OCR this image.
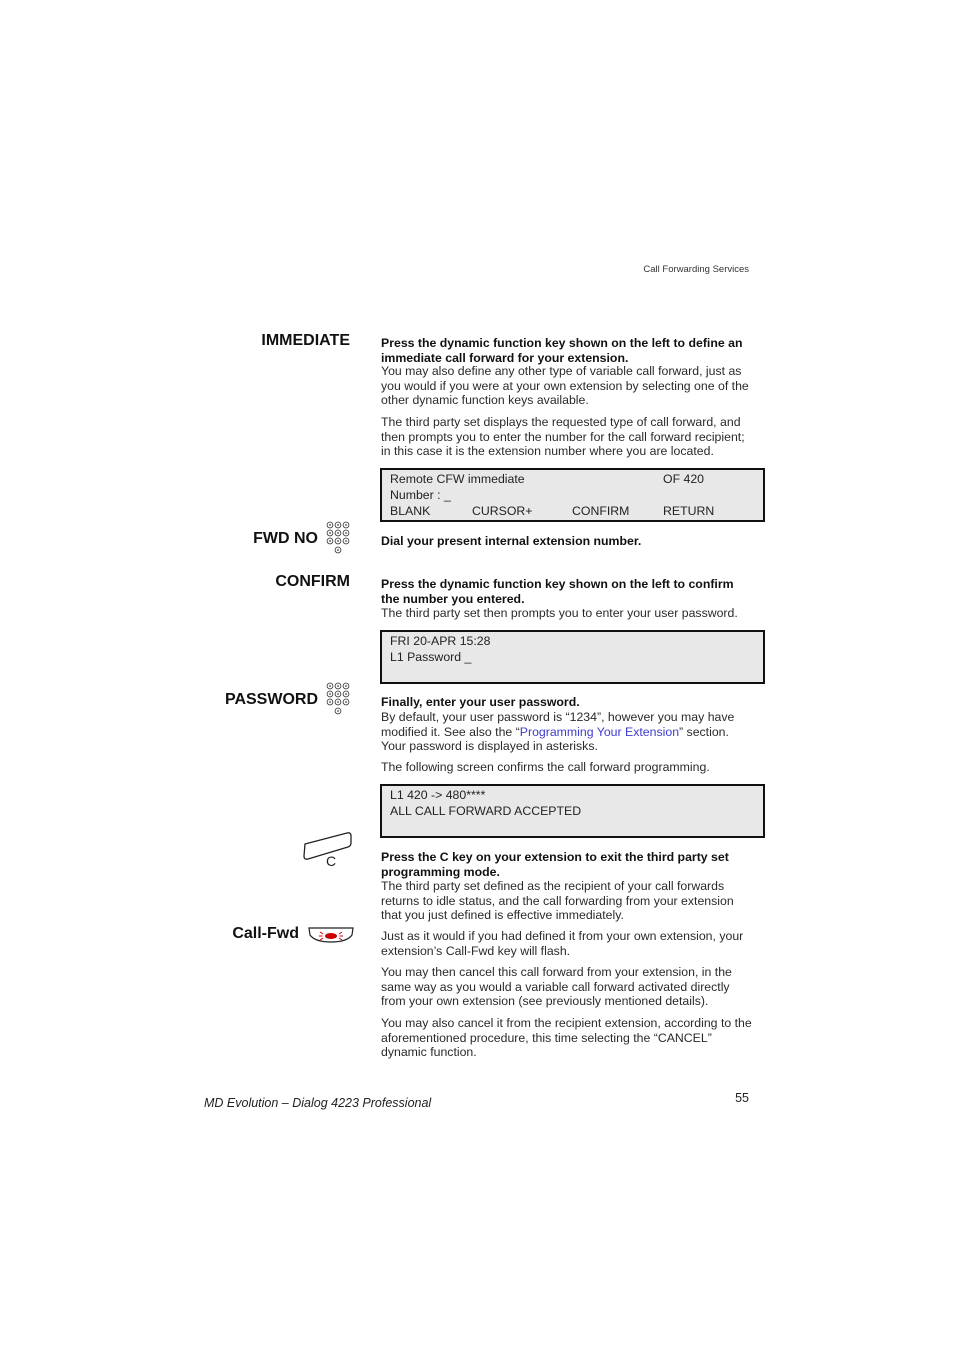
Call Forwarding Services
IMMEDIATE	Press the dynamic function key shown on the left to define an immediate call forward for your extension.
You may also define any other type of variable call forward, just as you would if you were at your own extension by selecting one of the other dynamic function keys available.
The third party set displays the requested type of call forward, and then prompts you to enter the number for the call forward recipient; in this case it is the extension number where you are located.
Remote CFW immediate	OF 420
Number : _
BLANK	CURSOR+	CONFIRM	RETURN
FWD NO	Dial your present internal extension number.
CONFIRM	Press the dynamic function key shown on the left to confirm the number you entered.
The third party set then prompts you to enter your user password.
FRI 20-APR 15:28
L1 Password _
PASSWORD	Finally, enter your user password.
By default, your user password is “1234”, however you may have modified it. See also the “Programming Your Extension” section. Your password is displayed in asterisks.
The following screen confirms the call forward programming.
L1 420 -> 480****
ALL CALL FORWARD ACCEPTED
C	Press the C key on your extension to exit the third party set programming mode.
The third party set defined as the recipient of your call forwards returns to idle status, and the call forwarding from your extension that you just defined is effective immediately.
Call-Fwd	Just as it would if you had defined it from your own extension, your extension’s Call-Fwd key will flash.
You may then cancel this call forward from your extension, in the same way as you would a variable call forward activated directly from your own extension (see previously mentioned details).
You may also cancel it from the recipient extension, according to the aforementioned procedure, this time selecting the “CANCEL” dynamic function.
MD Evolution – Dialog 4223 Professional	55
